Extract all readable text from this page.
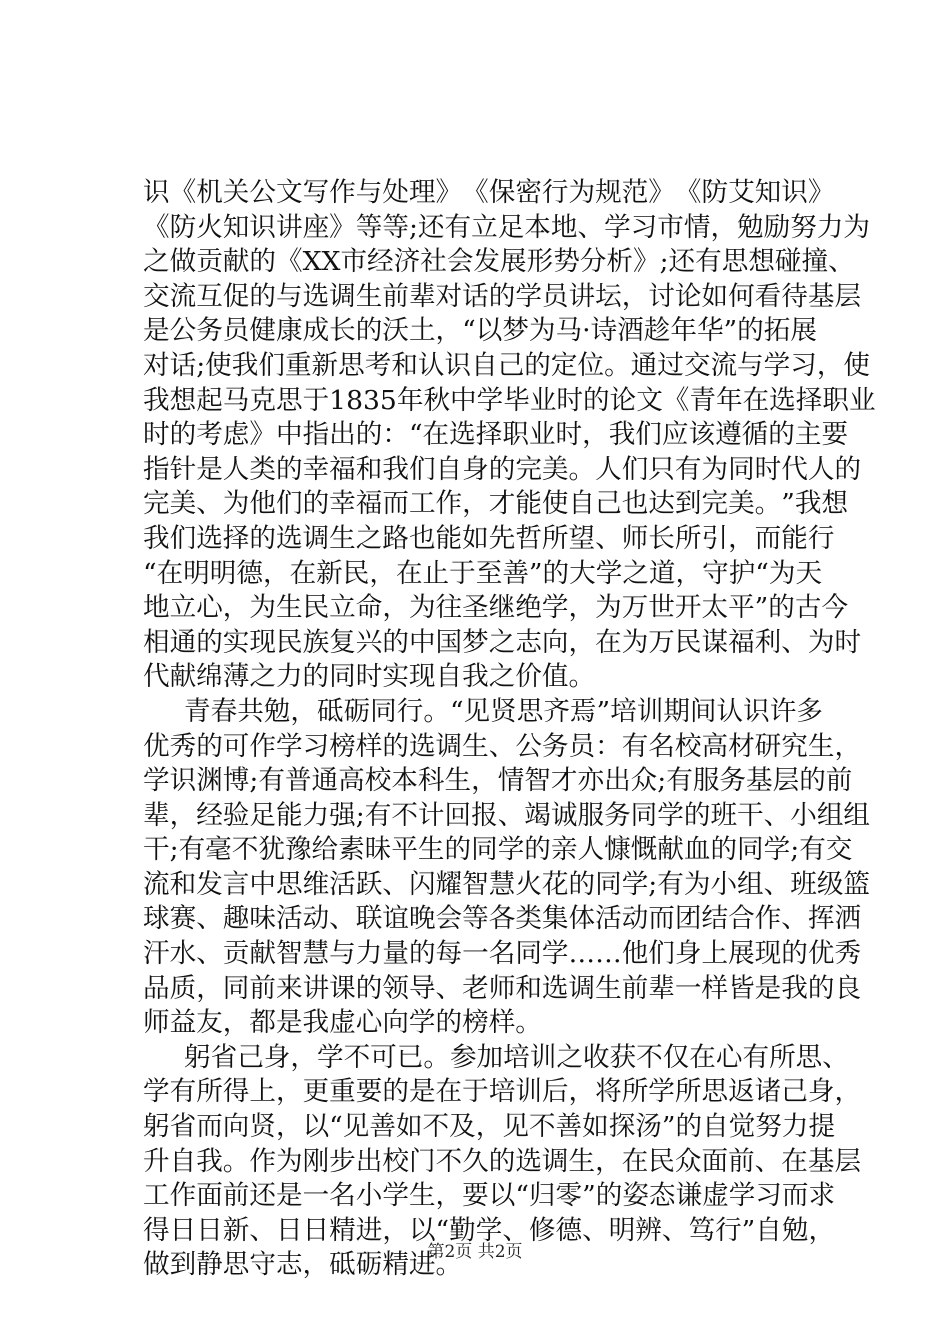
识 《 机 关 公 文 写 作 与 处 理 》 《 保 密 行 为 规 范 》 《 防 艾 知 识 》
《 防 火 知 识 讲 座 》 等 等 ; 还 有 立 足 本 地 、 学 习 市 情 ， 勉 励 努 力 为
之 做 贡 献 的 《 XX 市 经 济 社 会 发 展 形 势 分 析 》 ; 还 有 思 想 碰 撞 、
交 流 互 促 的 与 选 调 生 前 辈 对 话 的 学 员 讲 坛 ， 讨 论 如 何 看 待 基 层
是 公 务 员 健 康 成 长 的 沃 土 ， “ 以 梦 为 马 · 诗 酒 趁 年 华 ” 的 拓 展
对 话 ; 使 我 们 重 新 思 考 和 认 识 自 己 的 定 位 。 通 过 交 流 与 学 习 ， 使
我 想 起 马 克 思 于 1835 年 秋 中 学 毕 业 时 的 论 文 《 青 年 在 选 择 职 业
时 的 考 虑 》 中 指 出 的 ： “ 在 选 择 职 业 时 ， 我 们 应 该 遵 循 的 主 要
指 针 是 人 类 的 幸 福 和 我 们 自 身 的 完 美 。 人 们 只 有 为 同 时 代 人 的
完 美 、 为 他 们 的 幸 福 而 工 作 ， 才 能 使 自 己 也 达 到 完 美 。 ” 我 想
我 们 选 择 的 选 调 生 之 路 也 能 如 先 哲 所 望 、 师 长 所 引 ， 而 能 行
“ 在 明 明 德 ， 在 新 民 ， 在 止 于 至 善 ” 的 大 学 之 道 ， 守 护 “ 为 天
地 立 心 ， 为 生 民 立 命 ， 为 往 圣 继 绝 学 ， 为 万 世 开 太 平 ” 的 古 今
相 通 的 实 现 民 族 复 兴 的 中 国 梦 之 志 向 ， 在 为 万 民 谋 福 利 、 为 时
代献绵薄之力的同时实现自我之价值。
青 春 共 勉 ， 砥 砺 同 行 。 “ 见 贤 思 齐 焉 ” 培 训 期 间 认 识 许 多
优 秀 的 可 作 学 习 榜 样 的 选 调 生 、 公 务 员 ： 有 名 校 高 材 研 究 生 ，
学 识 渊 博 ; 有 普 通 高 校 本 科 生 ， 情 智 才 亦 出 众 ; 有 服 务 基 层 的 前
辈 ， 经 验 足 能 力 强 ; 有 不 计 回 报 、 竭 诚 服 务 同 学 的 班 干 、 小 组 组
干 ; 有 毫 不 犹 豫 给 素 昧 平 生 的 同 学 的 亲 人 慷 慨 献 血 的 同 学 ; 有 交
流 和 发 言 中 思 维 活 跃 、 闪 耀 智 慧 火 花 的 同 学 ; 有 为 小 组 、 班 级 篮
球 赛 、 趣 味 活 动 、 联 谊 晚 会 等 各 类 集 体 活 动 而 团 结 合 作 、 挥 洒
汗 水 、 贡 献 智 慧 与 力 量 的 每 一 名 同 学 … … 他 们 身 上 展 现 的 优 秀
品 质 ， 同 前 来 讲 课 的 领 导 、 老 师 和 选 调 生 前 辈 一 样 皆 是 我 的 良
师益友，都是我虚心向学的榜样。
躬 省 己 身 ， 学 不 可 已 。 参 加 培 训 之 收 获 不 仅 在 心 有 所 思 、
学 有 所 得 上 ， 更 重 要 的 是 在 于 培 训 后 ， 将 所 学 所 思 返 诸 己 身 ，
躬 省 而 向 贤 ， 以 “ 见 善 如 不 及 ， 见 不 善 如 探 汤 ” 的 自 觉 努 力 提
升 自 我 。 作 为 刚 步 出 校 门 不 久 的 选 调 生 ， 在 民 众 面 前 、 在 基 层
工 作 面 前 还 是 一 名 小 学 生 ， 要 以 “ 归 零 ” 的 姿 态 谦 虚 学 习 而 求
得 日 日 新 、 日 日 精 进 ， 以 “ 勤 学 、 修 德 、 明 辨 、 笃 行 ” 自 勉 ，
做到静思守志，砥砺精进。
第2页 共2页
